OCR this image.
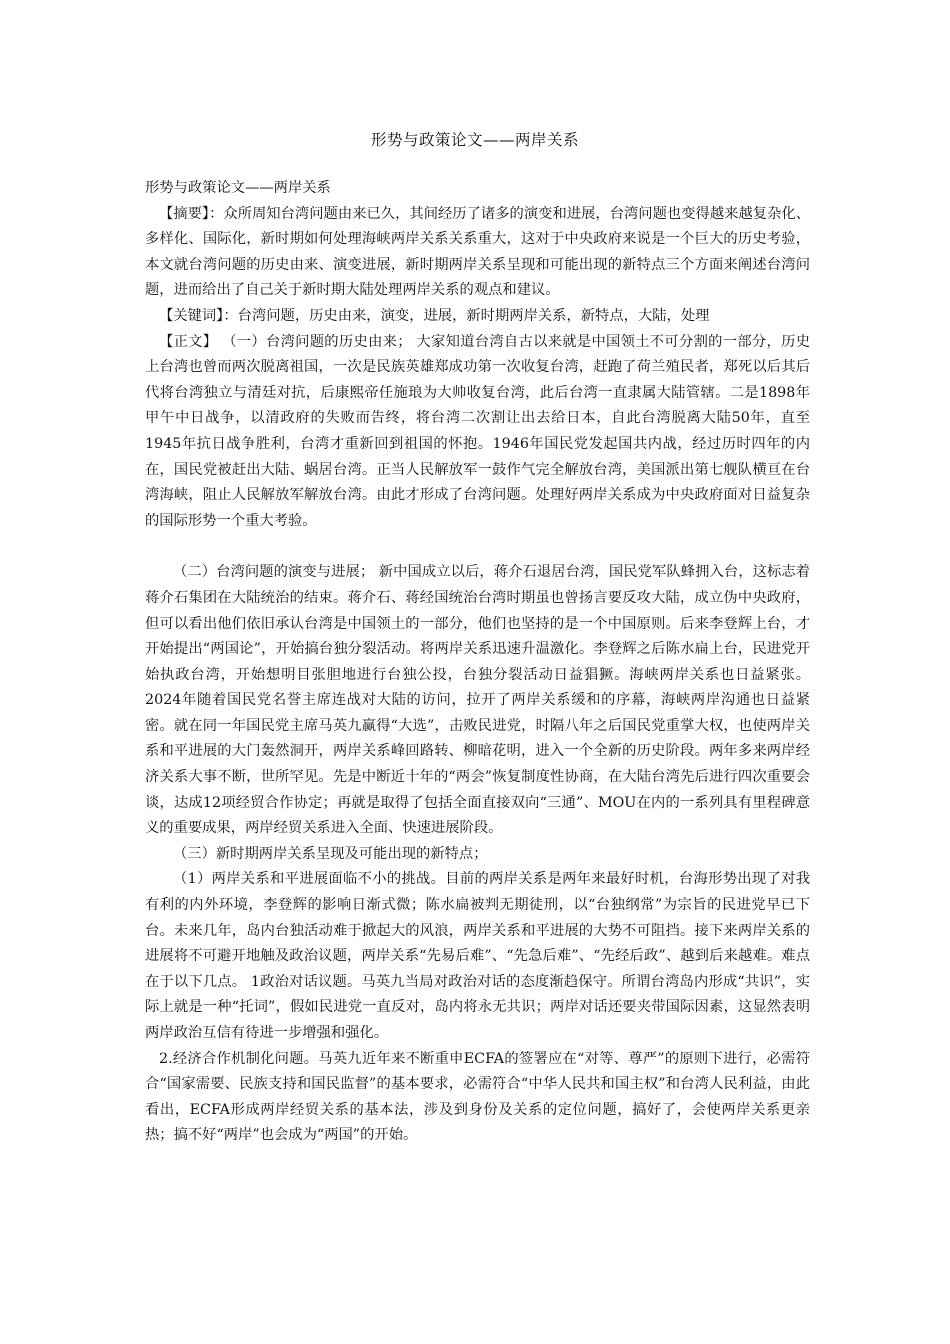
形势与政策论文——两岸关系

形势与政策论文——两岸关系

【摘要】：众所周知台湾问题由来已久，其间经历了诸多的演变和进展，台湾问题也变得越来越复杂化、多样化、国际化，新时期如何处理海峡两岸关系关系重大，这对于中央政府来说是一个巨大的历史考验，本文就台湾问题的历史由来、演变进展，新时期两岸关系呈现和可能出现的新特点三个方面来阐述台湾问题，进而给出了自己关于新时期大陆处理两岸关系的观点和建议。

【关键词】：台湾问题，历史由来，演变，进展，新时期两岸关系，新特点，大陆，处理

【正文】 （一）台湾问题的历史由来； 大家知道台湾自古以来就是中国领土不可分割的一部分，历史上台湾也曾而两次脱离祖国，一次是民族英雄郑成功第一次收复台湾，赶跑了荷兰殖民者，郑死以后其后代将台湾独立与清廷对抗，后康熙帝任施琅为大帅收复台湾，此后台湾一直隶属大陆管辖。二是1898年甲午中日战争，以清政府的失败而告终，将台湾二次割让出去给日本，自此台湾脱离大陆50年，直至1945年抗日战争胜利，台湾才重新回到祖国的怀抱。1946年国民党发起国共内战，经过历时四年的内在，国民党被赶出大陆、蜗居台湾。正当人民解放军一鼓作气完全解放台湾，美国派出第七舰队横亘在台湾海峡，阻止人民解放军解放台湾。由此才形成了台湾问题。处理好两岸关系成为中央政府面对日益复杂的国际形势一个重大考验。

（二）台湾问题的演变与进展； 新中国成立以后，蒋介石退居台湾，国民党军队蜂拥入台，这标志着蒋介石集团在大陆统治的结束。蒋介石、蒋经国统治台湾时期虽也曾扬言要反攻大陆，成立伪中央政府，但可以看出他们依旧承认台湾是中国领土的一部分，他们也坚持的是一个中国原则。后来李登辉上台，才开始提出“两国论”，开始搞台独分裂活动。将两岸关系迅速升温激化。李登辉之后陈水扁上台，民进党开始执政台湾，开始想明目张胆地进行台独公投，台独分裂活动日益猖獗。海峡两岸关系也日益紧张。2024年随着国民党名誉主席连战对大陆的访问，拉开了两岸关系缓和的序幕，海峡两岸沟通也日益紧密。就在同一年国民党主席马英九赢得“大选”，击败民进党，时隔八年之后国民党重掌大权，也使两岸关系和平进展的大门轰然洞开，两岸关系峰回路转、柳暗花明，进入一个全新的历史阶段。两年多来两岸经济关系大事不断，世所罕见。先是中断近十年的“两会”恢复制度性协商，在大陆台湾先后进行四次重要会谈，达成12项经贸合作协定；再就是取得了包括全面直接双向“三通”、MOU在内的一系列具有里程碑意义的重要成果，两岸经贸关系进入全面、快速进展阶段。

（三）新时期两岸关系呈现及可能出现的新特点；

（1）两岸关系和平进展面临不小的挑战。目前的两岸关系是两年来最好时机，台海形势出现了对我有利的内外环境，李登辉的影响日渐式微；陈水扁被判无期徒刑，以“台独纲常”为宗旨的民进党早已下台。未来几年，岛内台独活动难于掀起大的风浪，两岸关系和平进展的大势不可阻挡。接下来两岸关系的进展将不可避开地触及政治议题，两岸关系“先易后难”、“先急后难”、“先经后政”、越到后来越难。难点在于以下几点。 1政治对话议题。马英九当局对政治对话的态度渐趋保守。所谓台湾岛内形成“共识”，实际上就是一种“托词”，假如民进党一直反对，岛内将永无共识；两岸对话还要夹带国际因素，这显然表明两岸政治互信有待进一步增强和强化。

2.经济合作机制化问题。马英九近年来不断重申ECFA的签署应在“对等、尊严”的原则下进行，必需符合“国家需要、民族支持和国民监督”的基本要求，必需符合“中华人民共和国主权”和台湾人民利益，由此看出，ECFA形成两岸经贸关系的基本法，涉及到身份及关系的定位问题，搞好了，会使两岸关系更亲热；搞不好“两岸”也会成为“两国”的开始。
